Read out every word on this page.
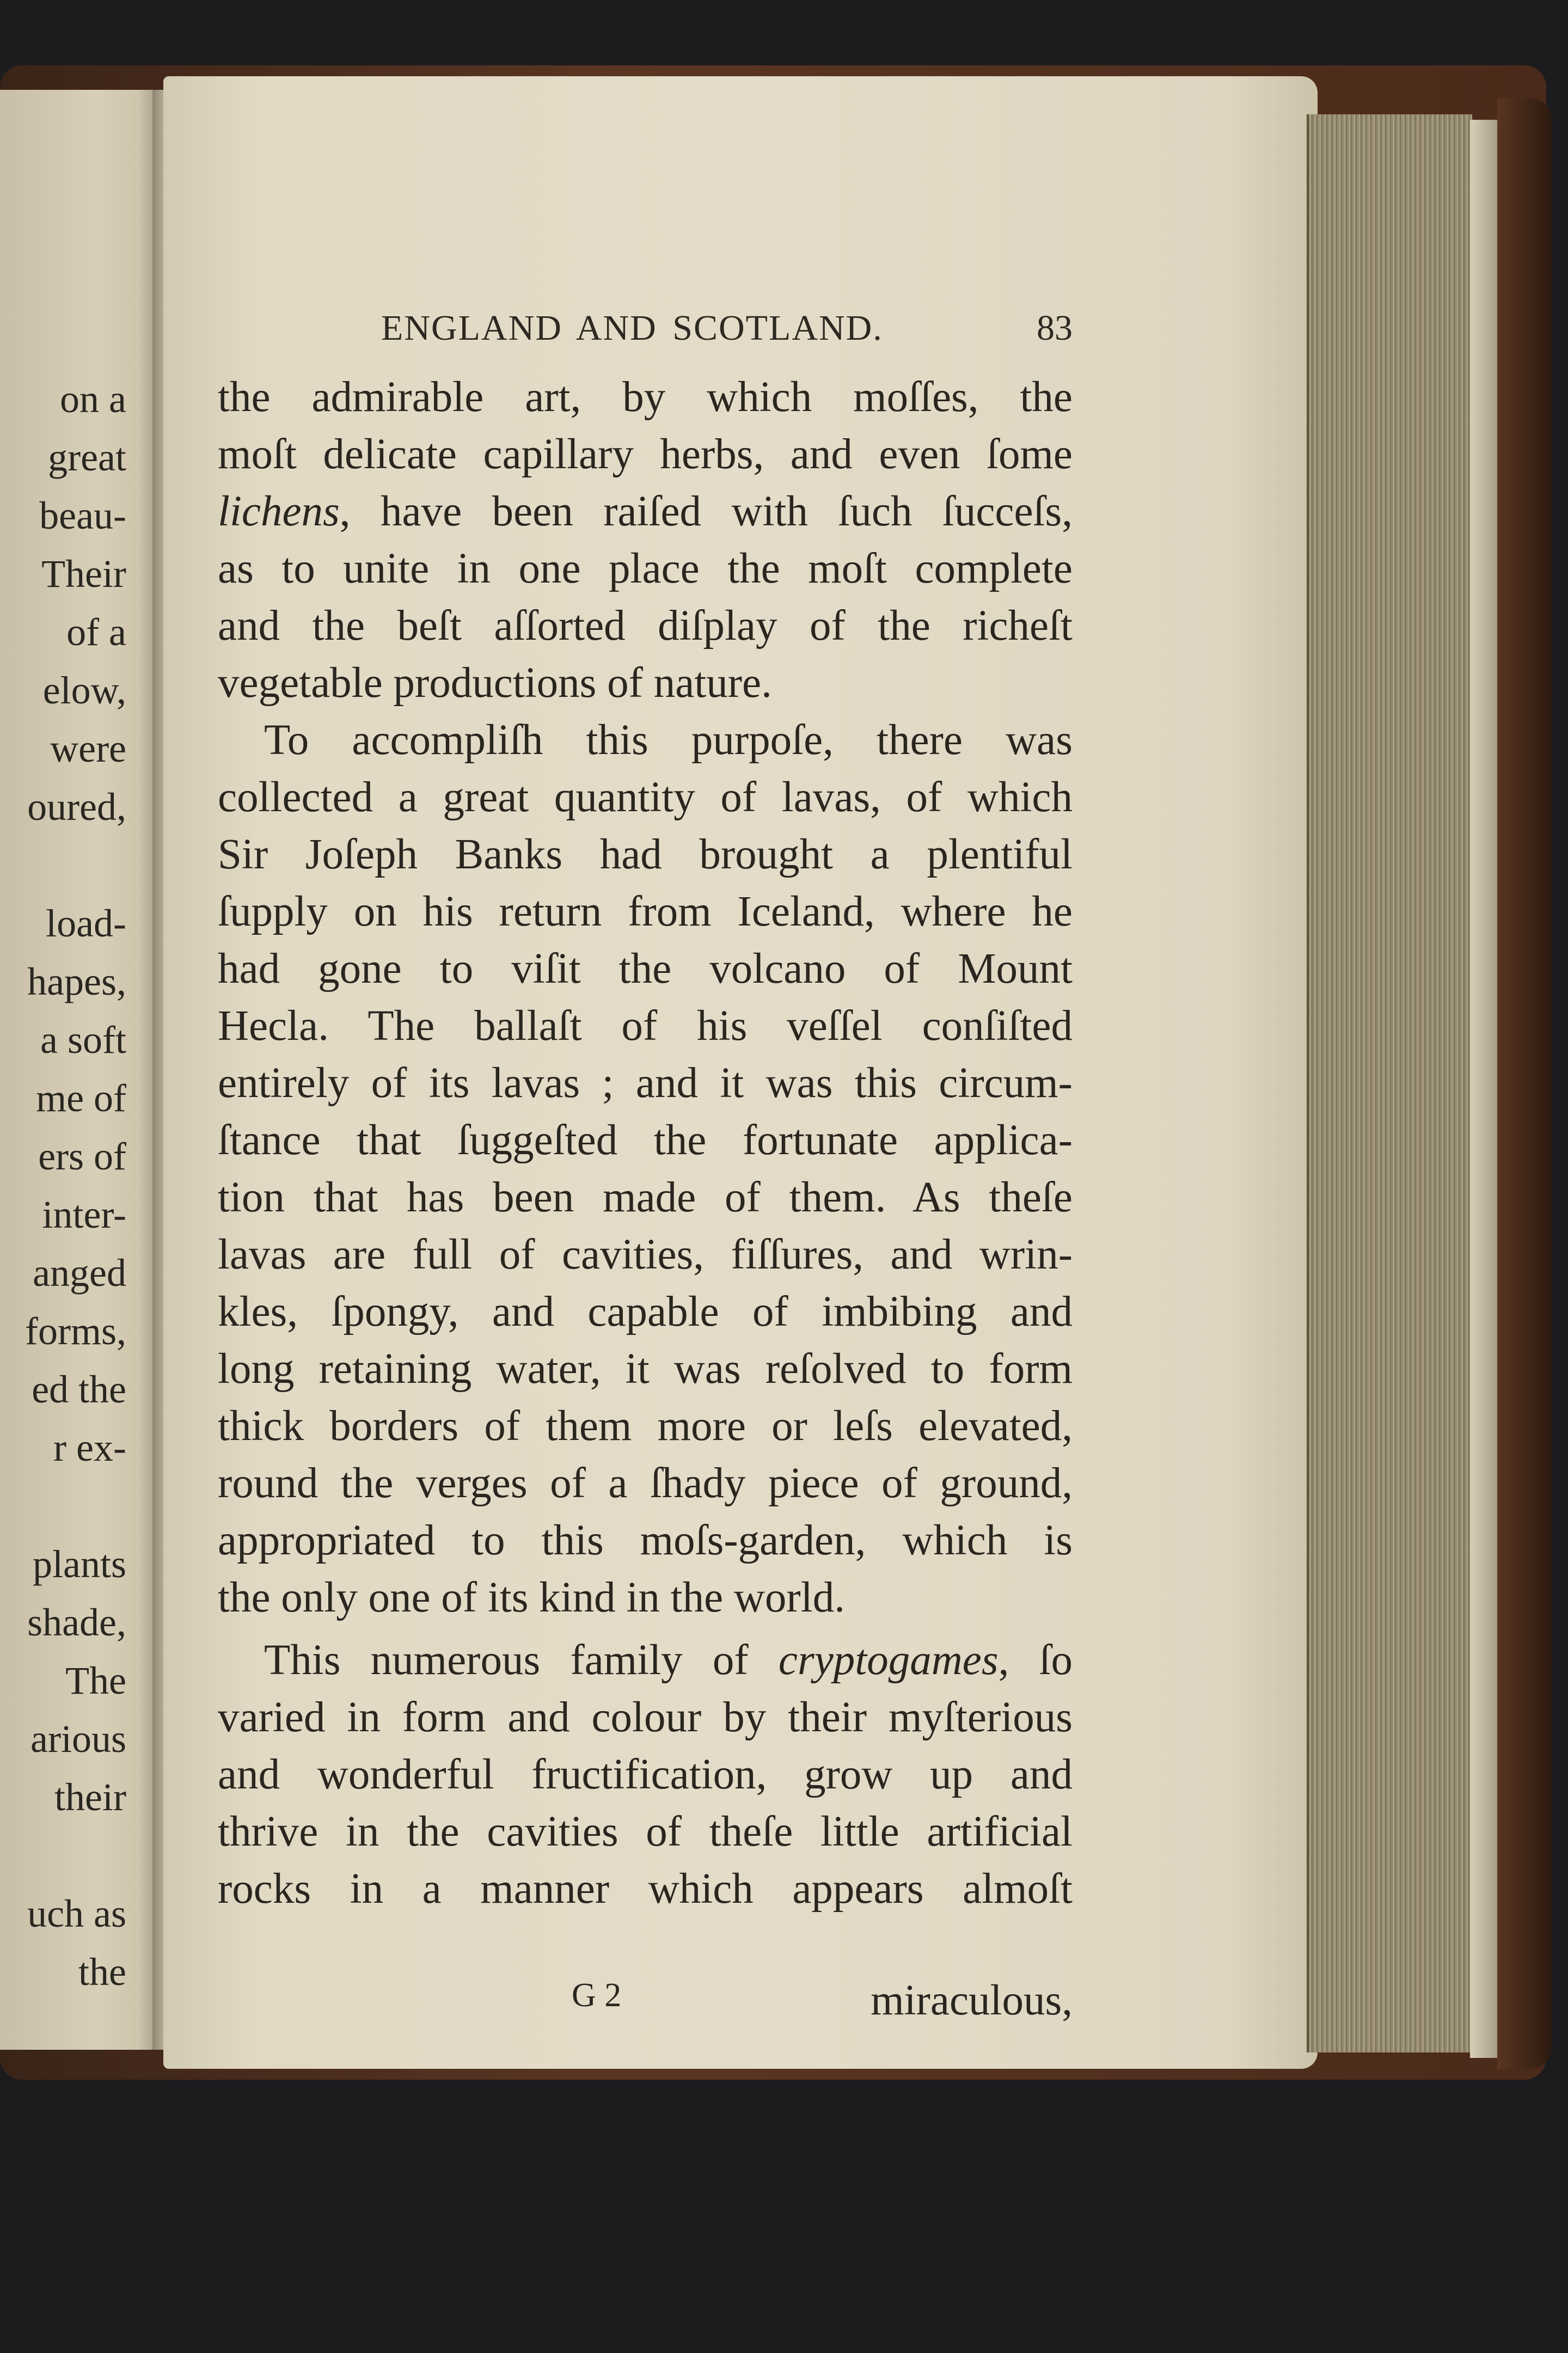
on a
great
beau-
Their
of a
elow,
were
oured,
load-
hapes,
a soft
me of
ers of
inter-
anged
forms,
ed the
r ex-
plants
shade,
The
arious
their
uch as
the
ENGLAND AND SCOTLAND.	83
the admirable art, by which moſſes, the
moſt delicate capillary herbs, and even ſome
lichens, have been raiſed with ſuch ſucceſs,
as to unite in one place the moſt complete
and the beſt aſſorted diſplay of the richeſt
vegetable productions of nature.
To accompliſh this purpoſe, there was
collected a great quantity of lavas, of which
Sir Joſeph Banks had brought a plentiful
ſupply on his return from Iceland, where he
had gone to viſit the volcano of Mount
Hecla. The ballaſt of his veſſel conſiſted
entirely of its lavas ; and it was this circum-
ſtance that ſuggeſted the fortunate applica-
tion that has been made of them. As theſe
lavas are full of cavities, fiſſures, and wrin-
kles, ſpongy, and capable of imbibing and
long retaining water, it was reſolved to form
thick borders of them more or leſs elevated,
round the verges of a ſhady piece of ground,
appropriated to this moſs-garden, which is
the only one of its kind in the world.
This numerous family of cryptogames, ſo
varied in form and colour by their myſterious
and wonderful fructification, grow up and
thrive in the cavities of theſe little artificial
rocks in a manner which appears almoſt
G 2	miraculous,
